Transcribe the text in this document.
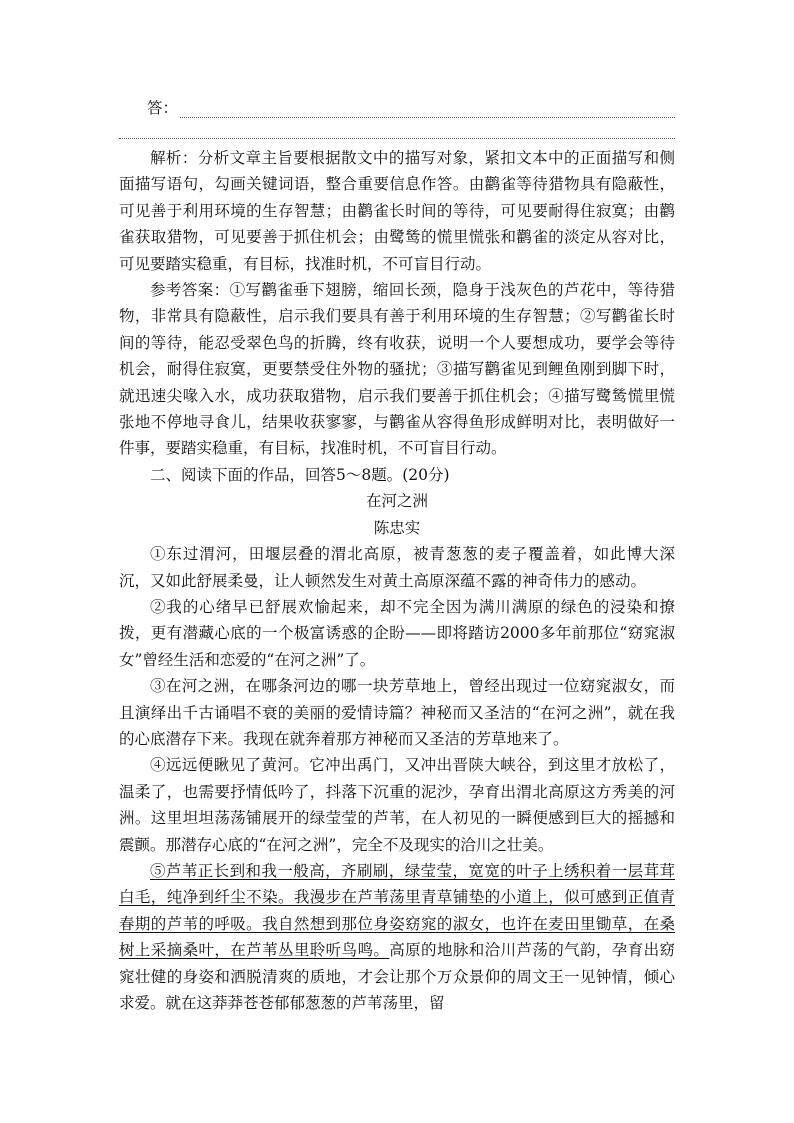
答：

解析：分析文章主旨要根据散文中的描写对象，紧扣文本中的正面描写和侧面描写语句，勾画关键词语，整合重要信息作答。由鹳雀等待猎物具有隐蔽性，可见善于利用环境的生存智慧；由鹳雀长时间的等待，可见要耐得住寂寞；由鹳雀获取猎物，可见要善于抓住机会；由鹭鸶的慌里慌张和鹳雀的淡定从容对比，可见要踏实稳重，有目标，找准时机，不可盲目行动。

参考答案：①写鹳雀垂下翅膀，缩回长颈，隐身于浅灰色的芦花中，等待猎物，非常具有隐蔽性，启示我们要具有善于利用环境的生存智慧；②写鹳雀长时间的等待，能忍受翠色鸟的折腾，终有收获，说明一个人要想成功，要学会等待机会，耐得住寂寞，更要禁受住外物的骚扰；③描写鹳雀见到鲤鱼刚到脚下时，就迅速尖喙入水，成功获取猎物，启示我们要善于抓住机会；④描写鹭鸶慌里慌张地不停地寻食儿，结果收获寥寥，与鹳雀从容得鱼形成鲜明对比，表明做好一件事，要踏实稳重，有目标，找准时机，不可盲目行动。

二、阅读下面的作品，回答5～8题。(20分)

在河之洲
陈忠实

①东过渭河，田堰层叠的渭北高原，被青葱葱的麦子覆盖着，如此博大深沉，又如此舒展柔曼，让人顿然发生对黄土高原深蕴不露的神奇伟力的感动。

②我的心绪早已舒展欢愉起来，却不完全因为满川满原的绿色的浸染和撩拨，更有潜藏心底的一个极富诱惑的企盼——即将踏访2000多年前那位“窈窕淑女”曾经生活和恋爱的“在河之洲”了。

③在河之洲，在哪条河边的哪一块芳草地上，曾经出现过一位窈窕淑女，而且演绎出千古诵唱不衰的美丽的爱情诗篇？神秘而又圣洁的“在河之洲”，就在我的心底潜存下来。我现在就奔着那方神秘而又圣洁的芳草地来了。

④远远便瞅见了黄河。它冲出禹门，又冲出晋陕大峡谷，到这里才放松了，温柔了，也需要抒情低吟了，抖落下沉重的泥沙，孕育出渭北高原这方秀美的河洲。这里坦坦荡荡铺展开的绿莹莹的芦苇，在人初见的一瞬便感到巨大的摇撼和震颤。那潜存心底的“在河之洲”，完全不及现实的洽川之壮美。

⑤芦苇正长到和我一般高，齐刷刷，绿莹莹，宽宽的叶子上绣积着一层茸茸白毛，纯净到纤尘不染。我漫步在芦苇荡里青草铺垫的小道上，似可感到正值青春期的芦苇的呼吸。我自然想到那位身姿窈窕的淑女，也许在麦田里锄草，在桑树上采摘桑叶，在芦苇丛里聆听鸟鸣。高原的地脉和洽川芦荡的气韵，孕育出窈窕壮健的身姿和洒脱清爽的质地，才会让那个万众景仰的周文王一见钟情，倾心求爱。就在这莽莽苍苍郁郁葱葱的芦苇荡里，留
